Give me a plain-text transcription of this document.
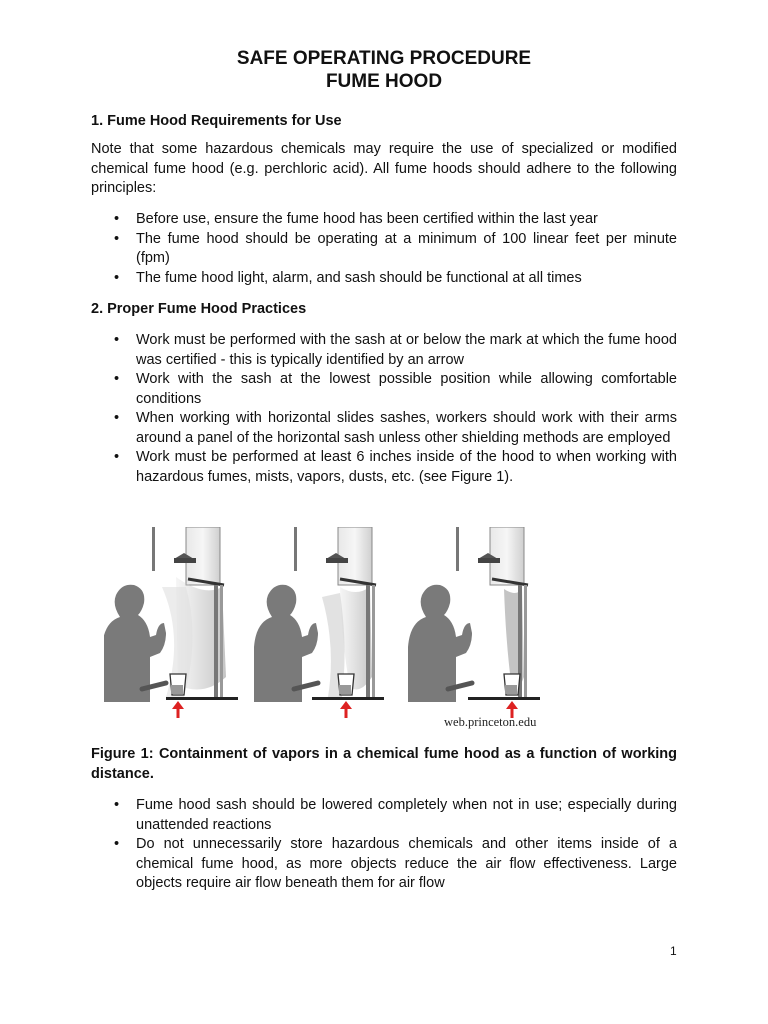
SAFE OPERATING PROCEDURE
FUME HOOD
1. Fume Hood Requirements for Use
Note that some hazardous chemicals may require the use of specialized or modified chemical fume hood (e.g. perchloric acid). All fume hoods should adhere to the following principles:
• Before use, ensure the fume hood has been certified within the last year
• The fume hood should be operating at a minimum of 100 linear feet per minute (fpm)
• The fume hood light, alarm, and sash should be functional at all times
2. Proper Fume Hood Practices
• Work must be performed with the sash at or below the mark at which the fume hood was certified - this is typically identified by an arrow
• Work with the sash at the lowest possible position while allowing comfortable conditions
• When working with horizontal slides sashes, workers should work with their arms around a panel of the horizontal sash unless other shielding methods are employed
• Work must be performed at least 6 inches inside of the hood to when working with hazardous fumes, mists, vapors, dusts, etc. (see Figure 1).
web.princeton.edu
Figure 1: Containment of vapors in a chemical fume hood as a function of working distance.
• Fume hood sash should be lowered completely when not in use; especially during unattended reactions
• Do not unnecessarily store hazardous chemicals and other items inside of a chemical fume hood, as more objects reduce the air flow effectiveness. Large objects require air flow beneath them for air flow
1
